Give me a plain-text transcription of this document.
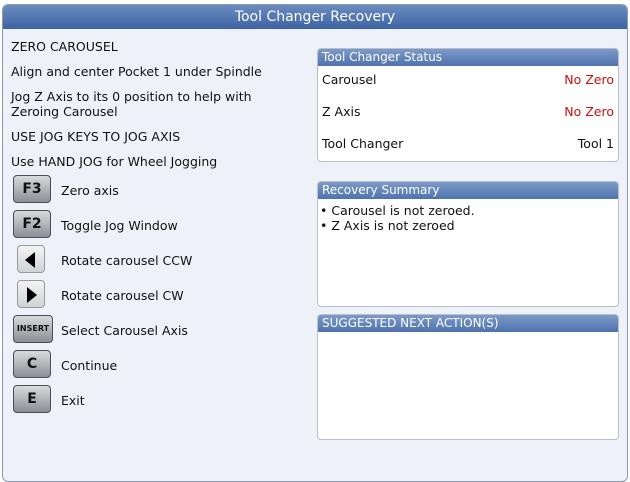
Tool Changer Recovery
ZERO CAROUSEL
Align and center Pocket 1 under Spindle
Jog Z Axis to its 0 position to help with Zeroing Carousel
USE JOG KEYS TO JOG AXIS
Use HAND JOG for Wheel Jogging
F3	Zero axis
F2	Toggle Jog Window
Rotate carousel CCW
Rotate carousel CW
INSERT Select Carousel Axis
C	Continue
E	Exit
Tool Changer Status
Carousel	No Zero
Z Axis	No Zero
Tool Changer	Tool 1
Recovery Summary
• Carousel is not zeroed.
• Z Axis is not zeroed
SUGGESTED NEXT ACTION(S)
